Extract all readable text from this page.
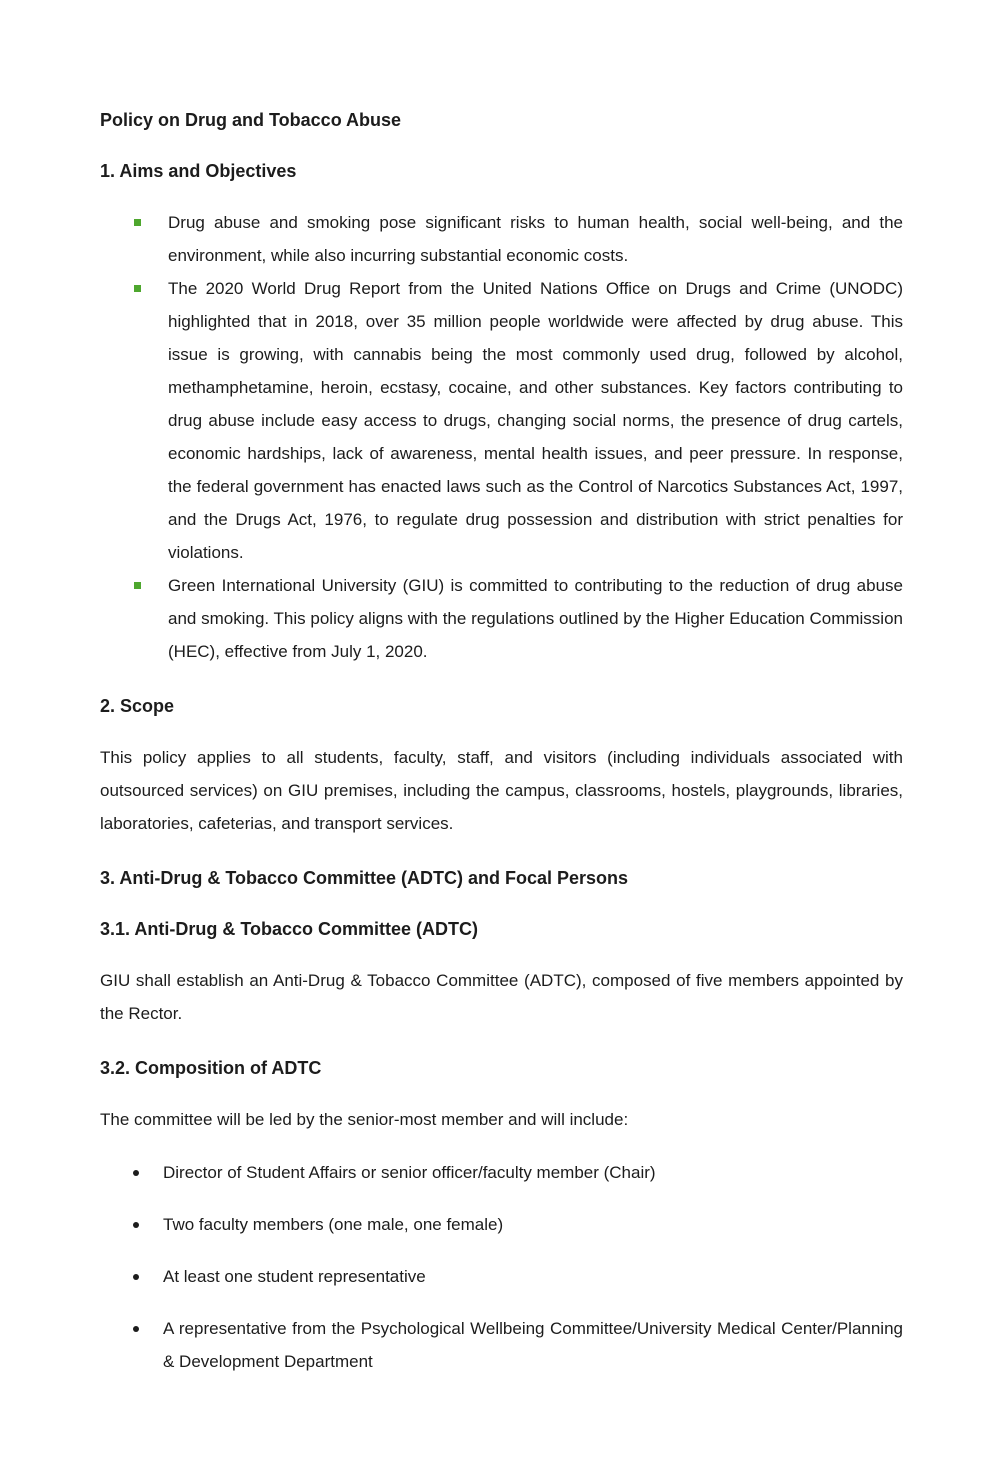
Policy on Drug and Tobacco Abuse

1. Aims and Objectives

Drug abuse and smoking pose significant risks to human health, social well-being, and the environment, while also incurring substantial economic costs.
The 2020 World Drug Report from the United Nations Office on Drugs and Crime (UNODC) highlighted that in 2018, over 35 million people worldwide were affected by drug abuse. This issue is growing, with cannabis being the most commonly used drug, followed by alcohol, methamphetamine, heroin, ecstasy, cocaine, and other substances. Key factors contributing to drug abuse include easy access to drugs, changing social norms, the presence of drug cartels, economic hardships, lack of awareness, mental health issues, and peer pressure. In response, the federal government has enacted laws such as the Control of Narcotics Substances Act, 1997, and the Drugs Act, 1976, to regulate drug possession and distribution with strict penalties for violations.
Green International University (GIU) is committed to contributing to the reduction of drug abuse and smoking. This policy aligns with the regulations outlined by the Higher Education Commission (HEC), effective from July 1, 2020.

2. Scope

This policy applies to all students, faculty, staff, and visitors (including individuals associated with outsourced services) on GIU premises, including the campus, classrooms, hostels, playgrounds, libraries, laboratories, cafeterias, and transport services.

3. Anti-Drug & Tobacco Committee (ADTC) and Focal Persons

3.1. Anti-Drug & Tobacco Committee (ADTC)

GIU shall establish an Anti-Drug & Tobacco Committee (ADTC), composed of five members appointed by the Rector.

3.2. Composition of ADTC

The committee will be led by the senior-most member and will include:

Director of Student Affairs or senior officer/faculty member (Chair)
Two faculty members (one male, one female)
At least one student representative
A representative from the Psychological Wellbeing Committee/University Medical Center/Planning & Development Department
